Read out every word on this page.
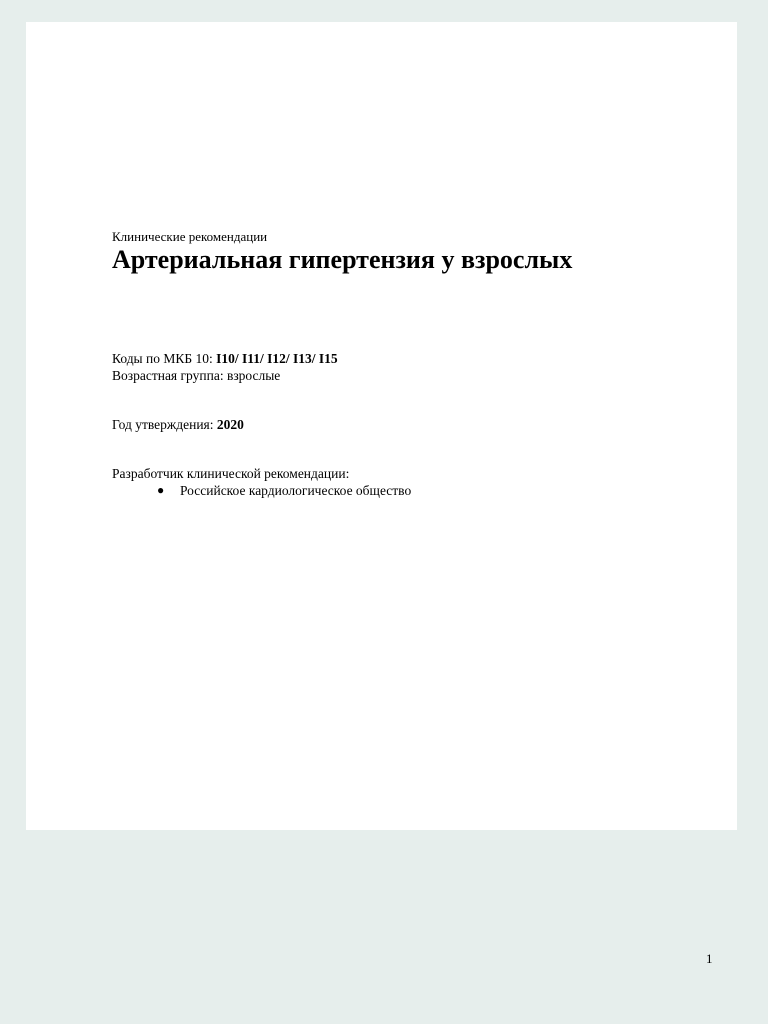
Клинические рекомендации

Артериальная гипертензия у взрослых

Коды по МКБ 10: I10/ I11/ I12/ I13/ I15

Возрастная группа: взрослые

Год утверждения: 2020

Разработчик клинической рекомендации:

● Российское кардиологическое общество
1
